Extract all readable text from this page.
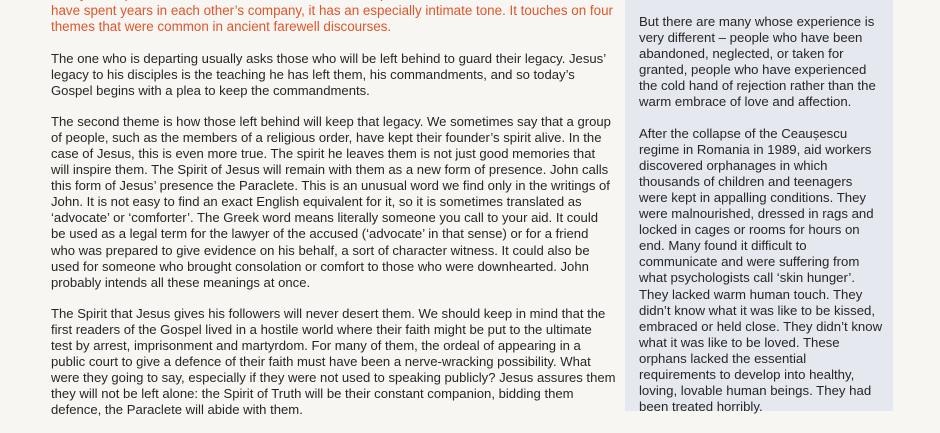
have spent years in each other’s company, it has an especially intimate tone. It touches on four themes that were common in ancient farewell discourses.

The one who is departing usually asks those who will be left behind to guard their legacy. Jesus’ legacy to his disciples is the teaching he has left them, his commandments, and so today’s Gospel begins with a plea to keep the commandments.

The second theme is how those left behind will keep that legacy. We sometimes say that a group of people, such as the members of a religious order, have kept their founder’s spirit alive. In the case of Jesus, this is even more true. The spirit he leaves them is not just good memories that will inspire them. The Spirit of Jesus will remain with them as a new form of presence. John calls this form of Jesus’ presence the Paraclete. This is an unusual word we find only in the writings of John. It is not easy to find an exact English equivalent for it, so it is sometimes translated as ‘advocate’ or ‘comforter’. The Greek word means literally someone you call to your aid. It could be used as a legal term for the lawyer of the accused (‘advocate’ in that sense) or for a friend who was prepared to give evidence on his behalf, a sort of character witness. It could also be used for someone who brought consolation or comfort to those who were downhearted. John probably intends all these meanings at once.

The Spirit that Jesus gives his followers will never desert them. We should keep in mind that the first readers of the Gospel lived in a hostile world where their faith might be put to the ultimate test by arrest, imprisonment and martyrdom. For many of them, the ordeal of appearing in a public court to give a defence of their faith must have been a nerve-wracking possibility. What were they going to say, especially if they were not used to speaking publicly? Jesus assures them they will not be left alone: the Spirit of Truth will be their constant companion, bidding them defence, the Paraclete will abide with them.

But there are many whose experience is very different – people who have been abandoned, neglected, or taken for granted, people who have experienced the cold hand of rejection rather than the warm embrace of love and affection.

After the collapse of the Ceaușescu regime in Romania in 1989, aid workers discovered orphanages in which thousands of children and teenagers were kept in appalling conditions. They were malnourished, dressed in rags and locked in cages or rooms for hours on end. Many found it difficult to communicate and were suffering from what psychologists call ‘skin hunger’. They lacked warm human touch. They didn’t know what it was like to be kissed, embraced or held close. They didn’t know what it was like to be loved. These orphans lacked the essential requirements to develop into healthy, loving, lovable human beings. They had been treated horribly.
